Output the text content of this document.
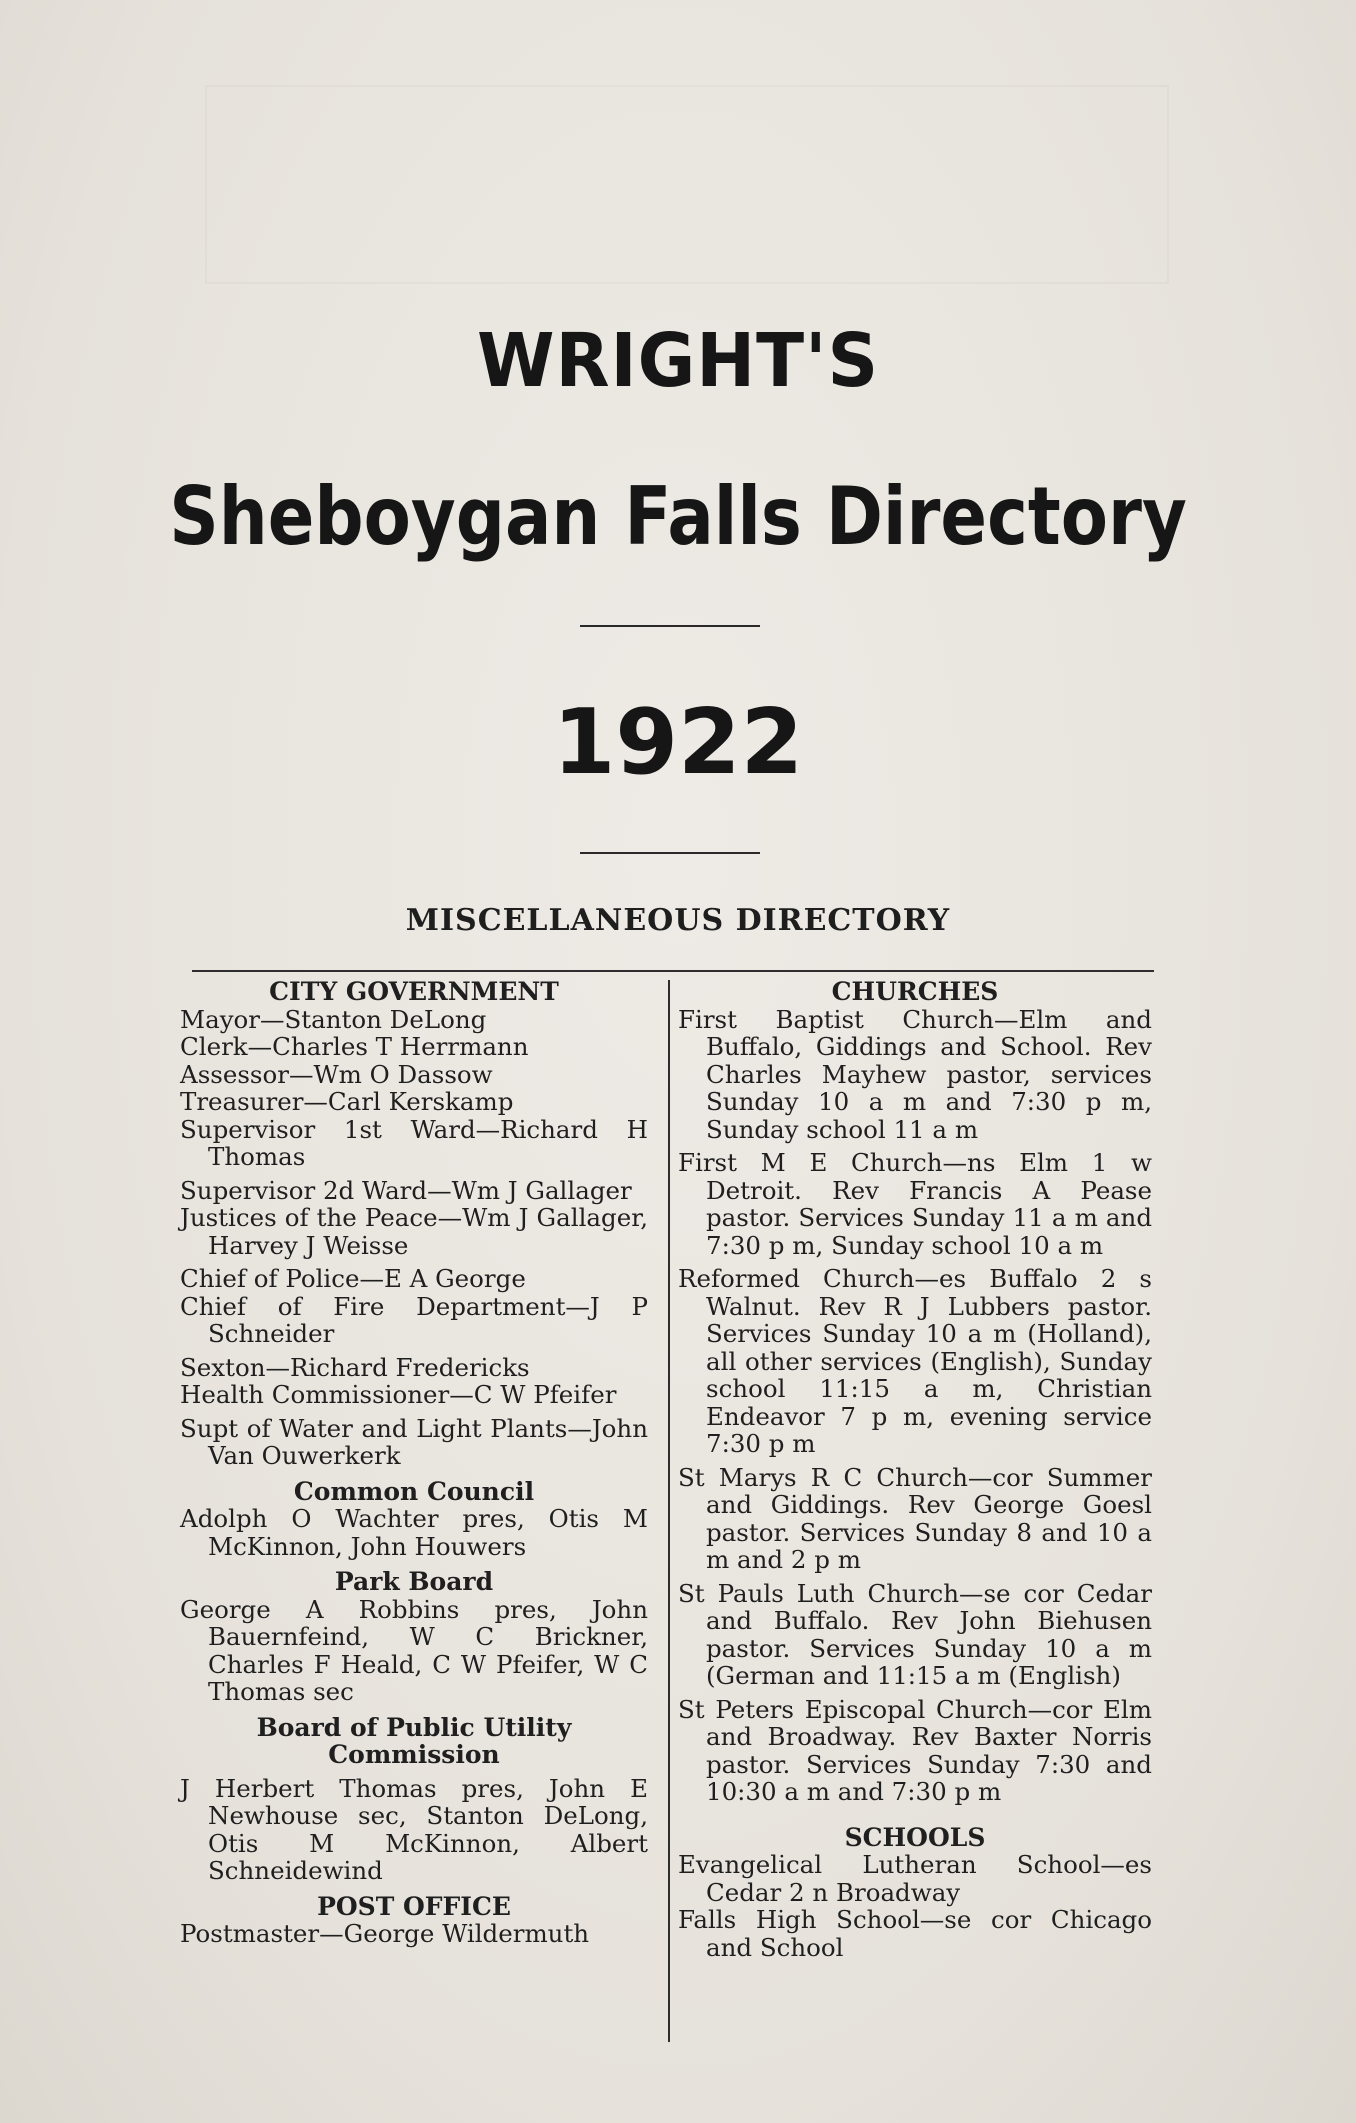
WRIGHT'S
Sheboygan Falls Directory
1922
MISCELLANEOUS DIRECTORY

CITY GOVERNMENT

Mayor—Stanton DeLong

Clerk—Charles T Herrmann

Assessor—Wm O Dassow

Treasurer—Carl Kerskamp

Supervisor 1st Ward—Richard H Thomas

Supervisor 2d Ward—Wm J Gallager

Justices of the Peace—Wm J Gallager, Harvey J Weisse

Chief of Police—E A George

Chief of Fire Department—J P Schneider

Sexton—Richard Fredericks

Health Commissioner—C W Pfeifer

Supt of Water and Light Plants—John Van Ouwerkerk

Common Council

Adolph O Wachter pres, Otis M McKinnon, John Houwers

Park Board

George A Robbins pres, John Bauernfeind, W C Brickner, Charles F Heald, C W Pfeifer, W C Thomas sec

Board of Public Utility Commission

J Herbert Thomas pres, John E Newhouse sec, Stanton DeLong, Otis M McKinnon, Albert Schneidewind

POST OFFICE

Postmaster—George Wildermuth

CHURCHES

First Baptist Church—Elm and Buffalo, Giddings and School. Rev Charles Mayhew pastor, services Sunday 10 a m and 7:30 p m, Sunday school 11 a m

First M E Church—ns Elm 1 w Detroit. Rev Francis A Pease pastor. Services Sunday 11 a m and 7:30 p m, Sunday school 10 a m

Reformed Church—es Buffalo 2 s Walnut. Rev R J Lubbers pastor. Services Sunday 10 a m (Holland), all other services (English), Sunday school 11:15 a m, Christian Endeavor 7 p m, evening service 7:30 p m

St Marys R C Church—cor Summer and Giddings. Rev George Goesl pastor. Services Sunday 8 and 10 a m and 2 p m

St Pauls Luth Church—se cor Cedar and Buffalo. Rev John Biehusen pastor. Services Sunday 10 a m (German and 11:15 a m (English)

St Peters Episcopal Church—cor Elm and Broadway. Rev Baxter Norris pastor. Services Sunday 7:30 and 10:30 a m and 7:30 p m

SCHOOLS

Evangelical Lutheran School—es Cedar 2 n Broadway

Falls High School—se cor Chicago and School
